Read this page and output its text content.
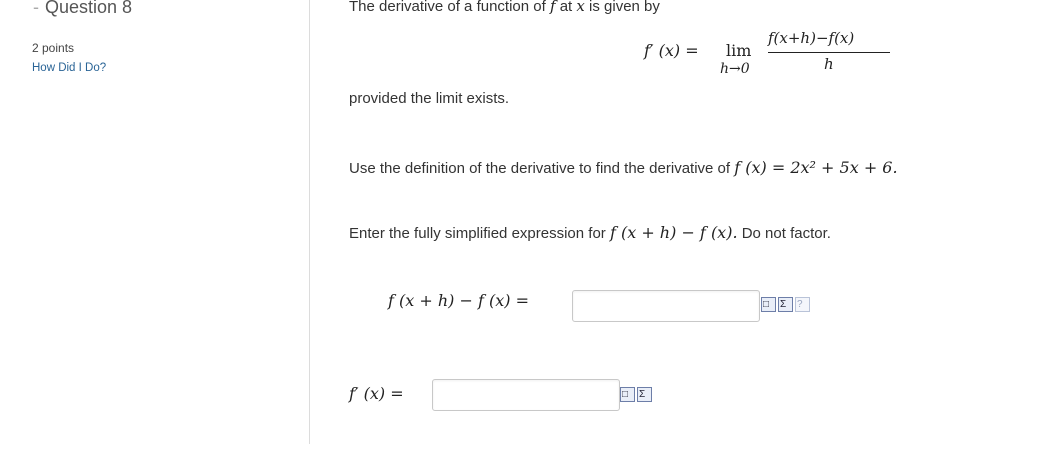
- Question 8
2 points
How Did I Do?
The derivative of a function of f at x is given by
f′ (x) = lim
h→0
f(x+h)−f(x)
h
provided the limit exists.
Use the definition of the derivative to find the derivative of f (x) = 2x² + 5x + 6.
Enter the fully simplified expression for f (x + h) − f (x). Do not factor.
f (x + h) − f (x) =	□ Σ ?
f′ (x) =	□ Σ
